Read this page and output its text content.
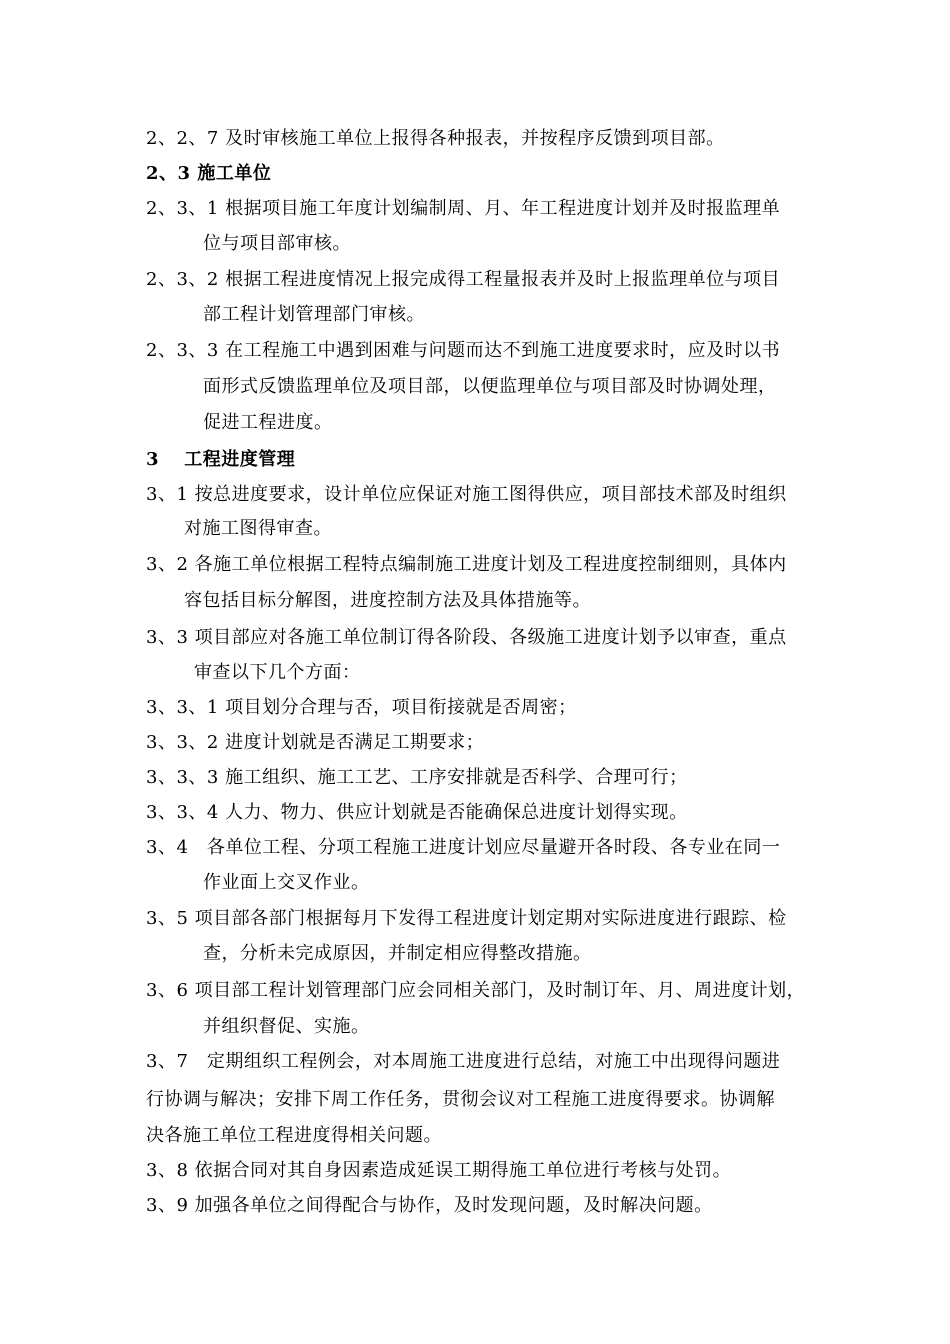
2、2、7 及时审核施工单位上报得各种报表，并按程序反馈到项目部。
2、3 施工单位
2、3、1 根据项目施工年度计划编制周、月、年工程进度计划并及时报监理单
位与项目部审核。
2、3、2 根据工程进度情况上报完成得工程量报表并及时上报监理单位与项目
部工程计划管理部门审核。
2、3、3 在工程施工中遇到困难与问题而达不到施工进度要求时，应及时以书
面形式反馈监理单位及项目部，以便监理单位与项目部及时协调处理，
促进工程进度。
3　 工程进度管理
3、1 按总进度要求，设计单位应保证对施工图得供应，项目部技术部及时组织
对施工图得审查。
3、2 各施工单位根据工程特点编制施工进度计划及工程进度控制细则，具体内
容包括目标分解图，进度控制方法及具体措施等。
3、3 项目部应对各施工单位制订得各阶段、各级施工进度计划予以审查，重点
审查以下几个方面：
3、3、1 项目划分合理与否，项目衔接就是否周密；
3、3、2 进度计划就是否满足工期要求；
3、3、3 施工组织、施工工艺、工序安排就是否科学、合理可行；
3、3、4 人力、物力、供应计划就是否能确保总进度计划得实现。
3、4　各单位工程、分项工程施工进度计划应尽量避开各时段、各专业在同一
作业面上交叉作业。
3、5 项目部各部门根据每月下发得工程进度计划定期对实际进度进行跟踪、检
查，分析未完成原因，并制定相应得整改措施。
3、6 项目部工程计划管理部门应会同相关部门，及时制订年、月、周进度计划，
并组织督促、实施。
3、7　定期组织工程例会，对本周施工进度进行总结，对施工中出现得问题进
行协调与解决；安排下周工作任务，贯彻会议对工程施工进度得要求。协调解
决各施工单位工程进度得相关问题。
3、8 依据合同对其自身因素造成延误工期得施工单位进行考核与处罚。
3、9 加强各单位之间得配合与协作，及时发现问题，及时解决问题。
